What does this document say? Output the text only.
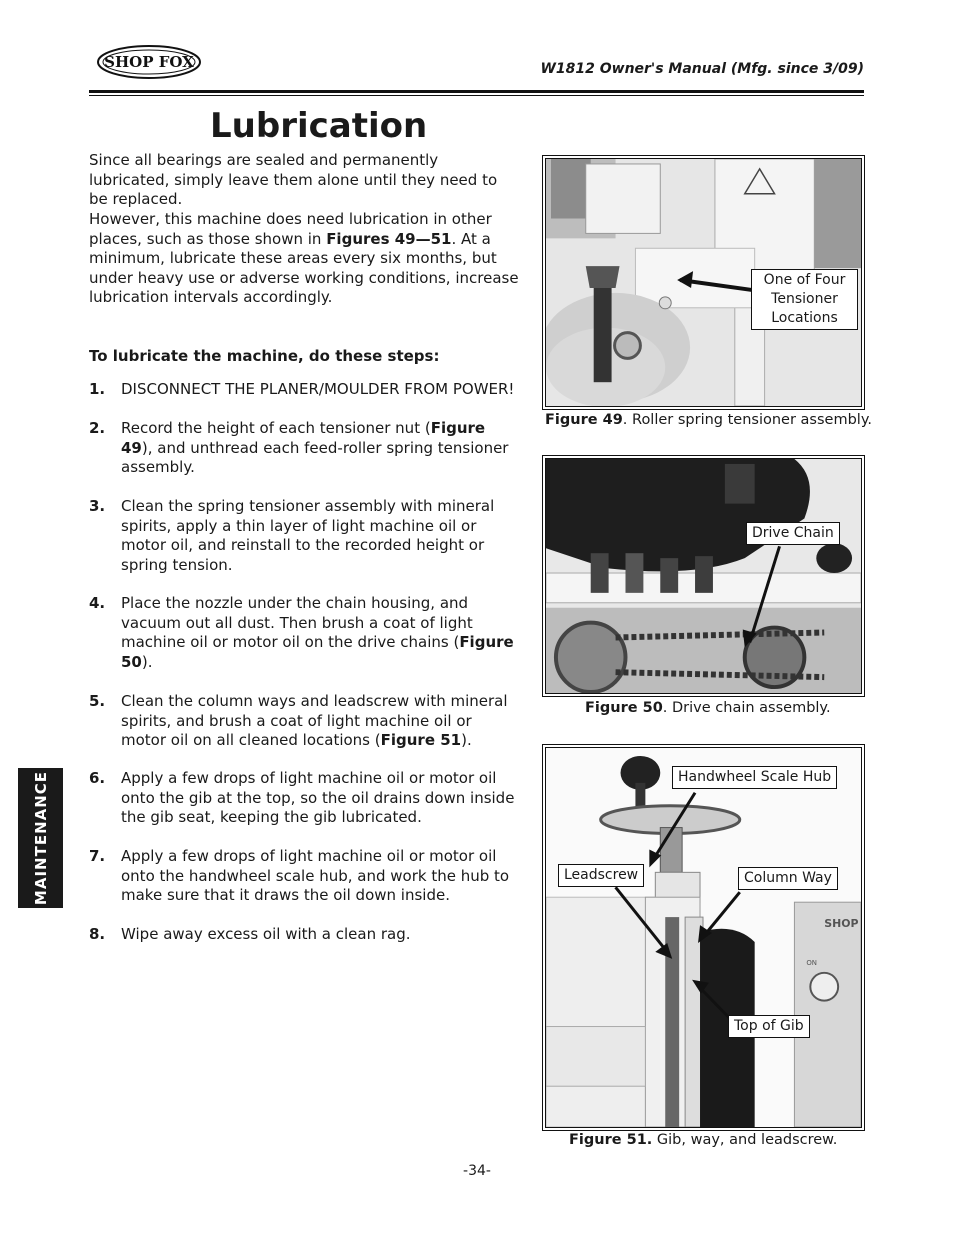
SHOP FOX	W1812 Owner's Manual (Mfg. since 3/09)
Lubrication

Since all bearings are sealed and permanently lubricated, simply leave them alone until they need to be replaced.

However, this machine does need lubrication in other places, such as those shown in Figures 49—51. At a minimum, lubricate these areas every six months, but under heavy use or adverse working conditions, increase lubrication intervals accordingly.

To lubricate the machine, do these steps:
1.	DISCONNECT THE PLANER/MOULDER FROM POWER!
2.	Record the height of each tensioner nut (Figure 49), and unthread each feed-roller spring tensioner assembly.
3.	Clean the spring tensioner assembly with mineral spirits, apply a thin layer of light machine oil or motor oil, and reinstall to the recorded height or spring tension.
4.	Place the nozzle under the chain housing, and vacuum out all dust. Then brush a coat of light machine oil or motor oil on the drive chains (Figure 50).
5.	Clean the column ways and leadscrew with mineral spirits, and brush a coat of light machine oil or motor oil on all cleaned locations (Figure 51).
6.	Apply a few drops of light machine oil or motor oil onto the gib at the top, so the oil drains down inside the gib seat, keeping the gib lubricated.
7.	Apply a few drops of light machine oil or motor oil onto the handwheel scale hub, and work the hub to make sure that it draws the oil down inside.
8.	Wipe away excess oil with a clean rag.
MAINTENANCE
One of Four
Tensioner
Locations
Figure 49. Roller spring tensioner assembly.
Drive Chain
Figure 50. Drive chain assembly.
SHOP
ON
Handwheel Scale Hub
Leadscrew	Column Way
Top of Gib
Figure 51. Gib, way, and leadscrew.
-34-
